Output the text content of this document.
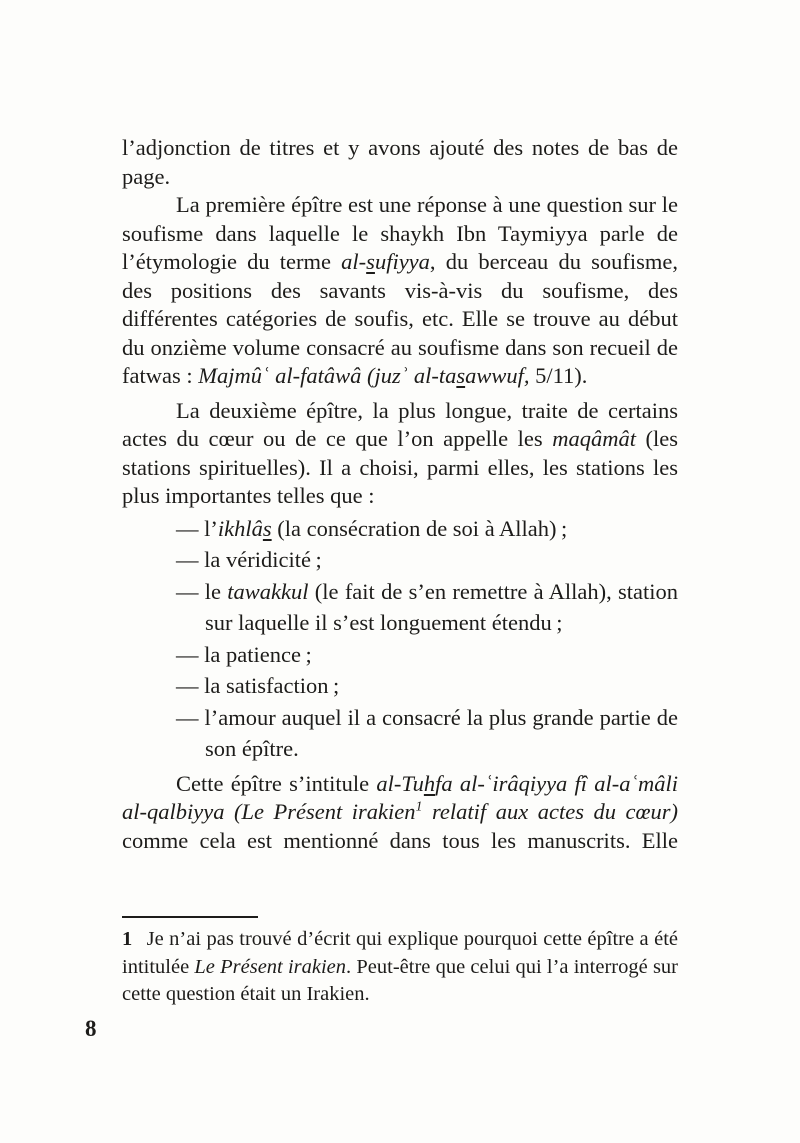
l’adjonction de titres et y avons ajouté des notes de bas de page.

La première épître est une réponse à une question sur le soufisme dans laquelle le shaykh Ibn Taymiyya parle de l’étymologie du terme al-sufiyya, du berceau du soufisme, des positions des savants vis-à-vis du soufisme, des différentes catégories de soufis, etc. Elle se trouve au début du onzième volume consacré au soufisme dans son recueil de fatwas : Majmûʿ al-fatâwâ (juzʾ al-tasawwuf, 5/11).

La deuxième épître, la plus longue, traite de certains actes du cœur ou de ce que l’on appelle les maqâmât (les stations spirituelles). Il a choisi, parmi elles, les stations les plus importantes telles que :

— l’ikhlâs (la consécration de soi à Allah) ;
— la véridicité ;
— le tawakkul (le fait de s’en remettre à Allah), station sur laquelle il s’est longuement étendu ;
— la patience ;
— la satisfaction ;
— l’amour auquel il a consacré la plus grande partie de son épître.

Cette épître s’intitule al-Tuhfa al-ʿirâqiyya fî al-aʿmâli al-qalbiyya (Le Présent irakien$^1$ relatif aux actes du cœur) comme cela est mentionné dans tous les manuscrits. Elle

1  Je n’ai pas trouvé d’écrit qui explique pourquoi cette épître a été intitulée Le Présent irakien. Peut-être que celui qui l’a interrogé sur cette question était un Irakien.

8
